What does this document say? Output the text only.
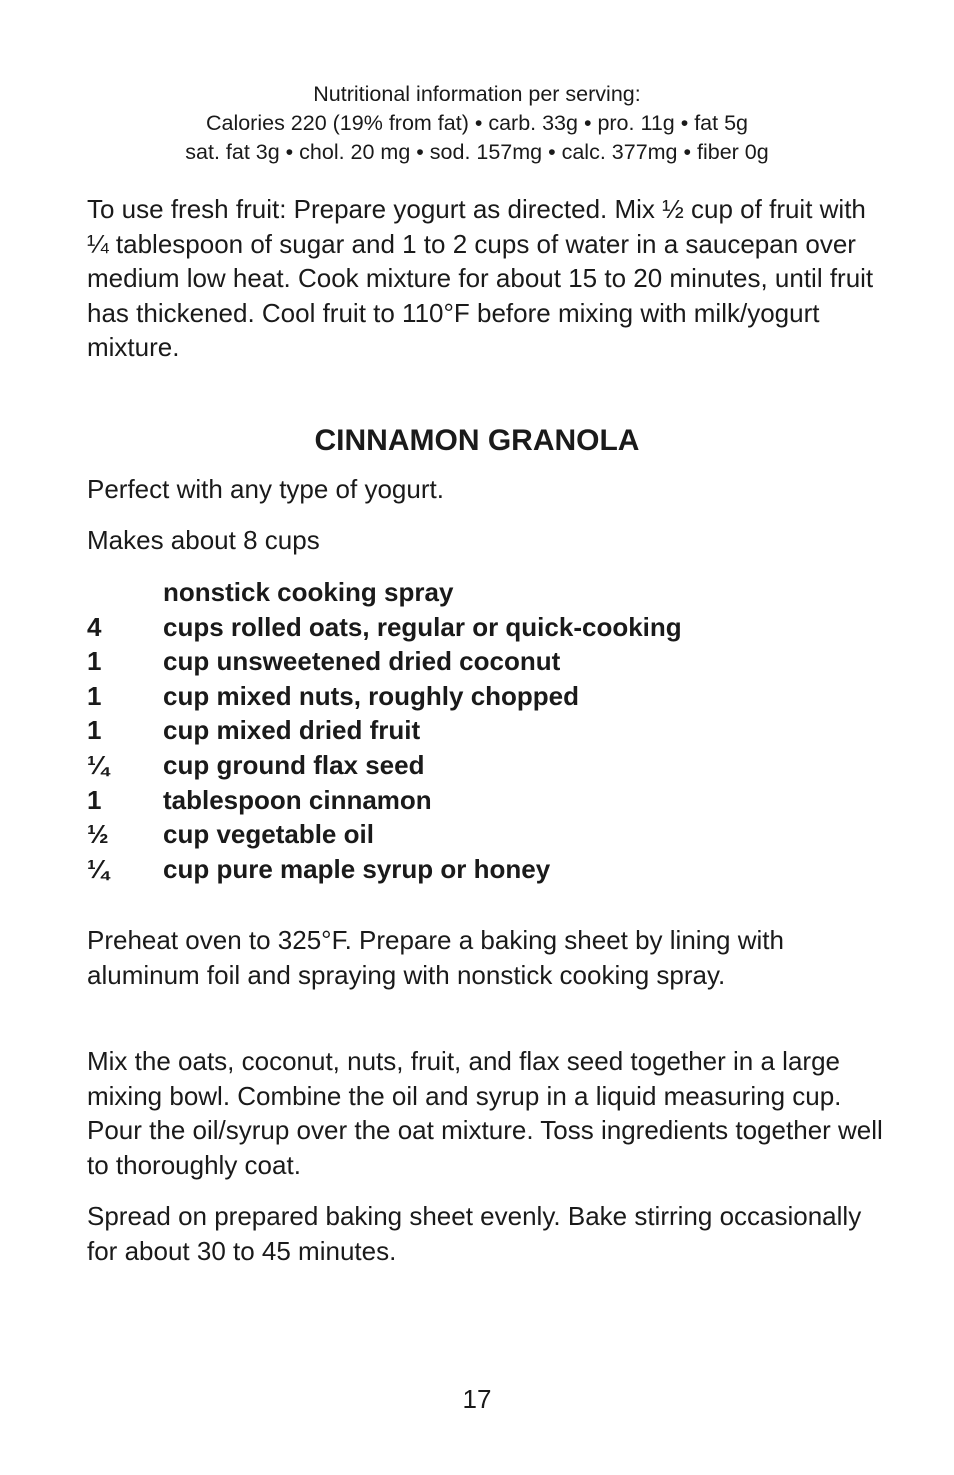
Nutritional information per serving:
Calories 220 (19% from fat) • carb. 33g • pro. 11g • fat 5g
sat. fat 3g • chol. 20 mg • sod. 157mg • calc. 377mg • fiber 0g
To use fresh fruit: Prepare yogurt as directed. Mix ½ cup of fruit with ¼ tablespoon of sugar and 1 to 2 cups of water in a saucepan over medium low heat. Cook mixture for about 15 to 20 minutes, until fruit has thickened. Cool fruit to 110°F before mixing with milk/yogurt mixture.
CINNAMON GRANOLA
Perfect with any type of yogurt.
Makes about 8 cups
nonstick cooking spray
4	cups rolled oats, regular or quick-cooking
1	cup unsweetened dried coconut
1	cup mixed nuts, roughly chopped
1	cup mixed dried fruit
¼	cup ground flax seed
1	tablespoon cinnamon
½	cup vegetable oil
¼	cup pure maple syrup or honey
Preheat oven to 325°F. Prepare a baking sheet by lining with aluminum foil and spraying with nonstick cooking spray.
Mix the oats, coconut, nuts, fruit, and flax seed together in a large mixing bowl. Combine the oil and syrup in a liquid measuring cup. Pour the oil/syrup over the oat mixture. Toss ingredients together well to thoroughly coat.
Spread on prepared baking sheet evenly. Bake stirring occasionally for about 30 to 45 minutes.
17
